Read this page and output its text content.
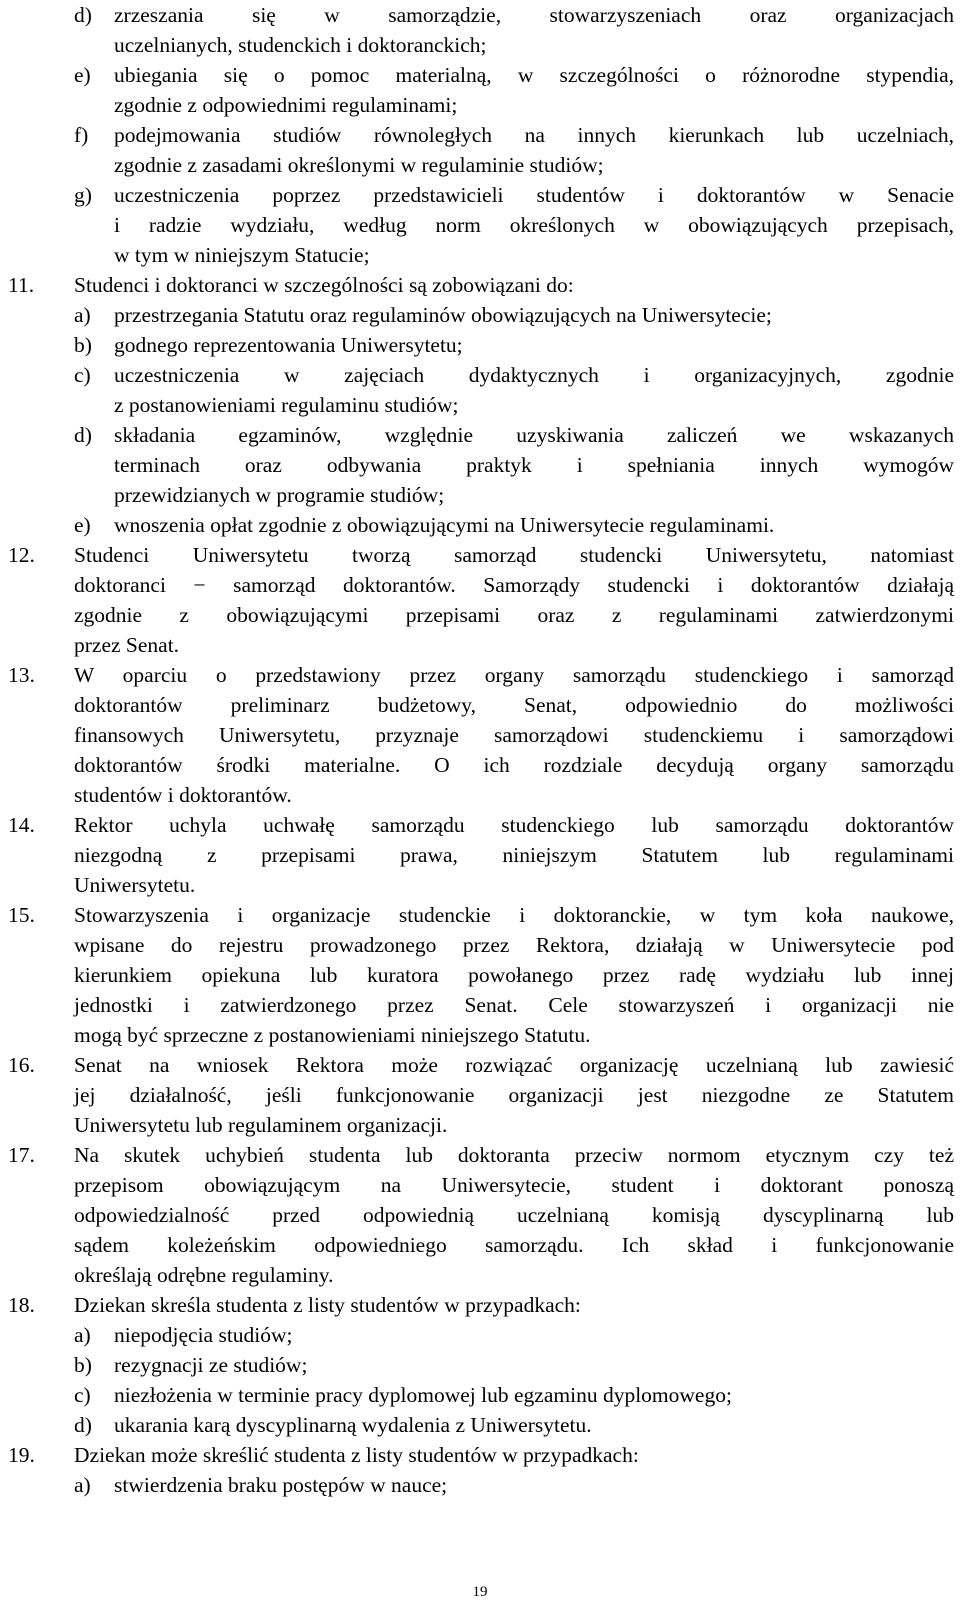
d) zrzeszania się w samorządzie, stowarzyszeniach oraz organizacjach
uczelnianych, studenckich i doktoranckich;
e) ubiegania się o pomoc materialną, w szczególności o różnorodne stypendia,
zgodnie z odpowiednimi regulaminami;
f) podejmowania studiów równoległych na innych kierunkach lub uczelniach,
zgodnie z zasadami określonymi w regulaminie studiów;
g) uczestniczenia poprzez przedstawicieli studentów i doktorantów w Senacie
i radzie wydziału, według norm określonych w obowiązujących przepisach,
w tym w niniejszym Statucie;
11. Studenci i doktoranci w szczególności są zobowiązani do:
a) przestrzegania Statutu oraz regulaminów obowiązujących na Uniwersytecie;
b) godnego reprezentowania Uniwersytetu;
c) uczestniczenia w zajęciach dydaktycznych i organizacyjnych, zgodnie
z postanowieniami regulaminu studiów;
d) składania egzaminów, względnie uzyskiwania zaliczeń we wskazanych
terminach oraz odbywania praktyk i spełniania innych wymogów
przewidzianych w programie studiów;
e) wnoszenia opłat zgodnie z obowiązującymi na Uniwersytecie regulaminami.
12. Studenci Uniwersytetu tworzą samorząd studencki Uniwersytetu, natomiast
doktoranci − samorząd doktorantów. Samorządy studencki i doktorantów działają
zgodnie z obowiązującymi przepisami oraz z regulaminami zatwierdzonymi
przez Senat.
13. W oparciu o przedstawiony przez organy samorządu studenckiego i samorząd
doktorantów preliminarz budżetowy, Senat, odpowiednio do możliwości
finansowych Uniwersytetu, przyznaje samorządowi studenckiemu i samorządowi
doktorantów środki materialne. O ich rozdziale decydują organy samorządu
studentów i doktorantów.
14. Rektor uchyla uchwałę samorządu studenckiego lub samorządu doktorantów
niezgodną z przepisami prawa, niniejszym Statutem lub regulaminami
Uniwersytetu.
15. Stowarzyszenia i organizacje studenckie i doktoranckie, w tym koła naukowe,
wpisane do rejestru prowadzonego przez Rektora, działają w Uniwersytecie pod
kierunkiem opiekuna lub kuratora powołanego przez radę wydziału lub innej
jednostki i zatwierdzonego przez Senat. Cele stowarzyszeń i organizacji nie
mogą być sprzeczne z postanowieniami niniejszego Statutu.
16. Senat na wniosek Rektora może rozwiązać organizację uczelnianą lub zawiesić
jej działalność, jeśli funkcjonowanie organizacji jest niezgodne ze Statutem
Uniwersytetu lub regulaminem organizacji.
17. Na skutek uchybień studenta lub doktoranta przeciw normom etycznym czy też
przepisom obowiązującym na Uniwersytecie, student i doktorant ponoszą
odpowiedzialność przed odpowiednią uczelnianą komisją dyscyplinarną lub
sądem koleżeńskim odpowiedniego samorządu. Ich skład i funkcjonowanie
określają odrębne regulaminy.
18. Dziekan skreśla studenta z listy studentów w przypadkach:
a) niepodjęcia studiów;
b) rezygnacji ze studiów;
c) niezłożenia w terminie pracy dyplomowej lub egzaminu dyplomowego;
d) ukarania karą dyscyplinarną wydalenia z Uniwersytetu.
19. Dziekan może skreślić studenta z listy studentów w przypadkach:
a) stwierdzenia braku postępów w nauce;
19
